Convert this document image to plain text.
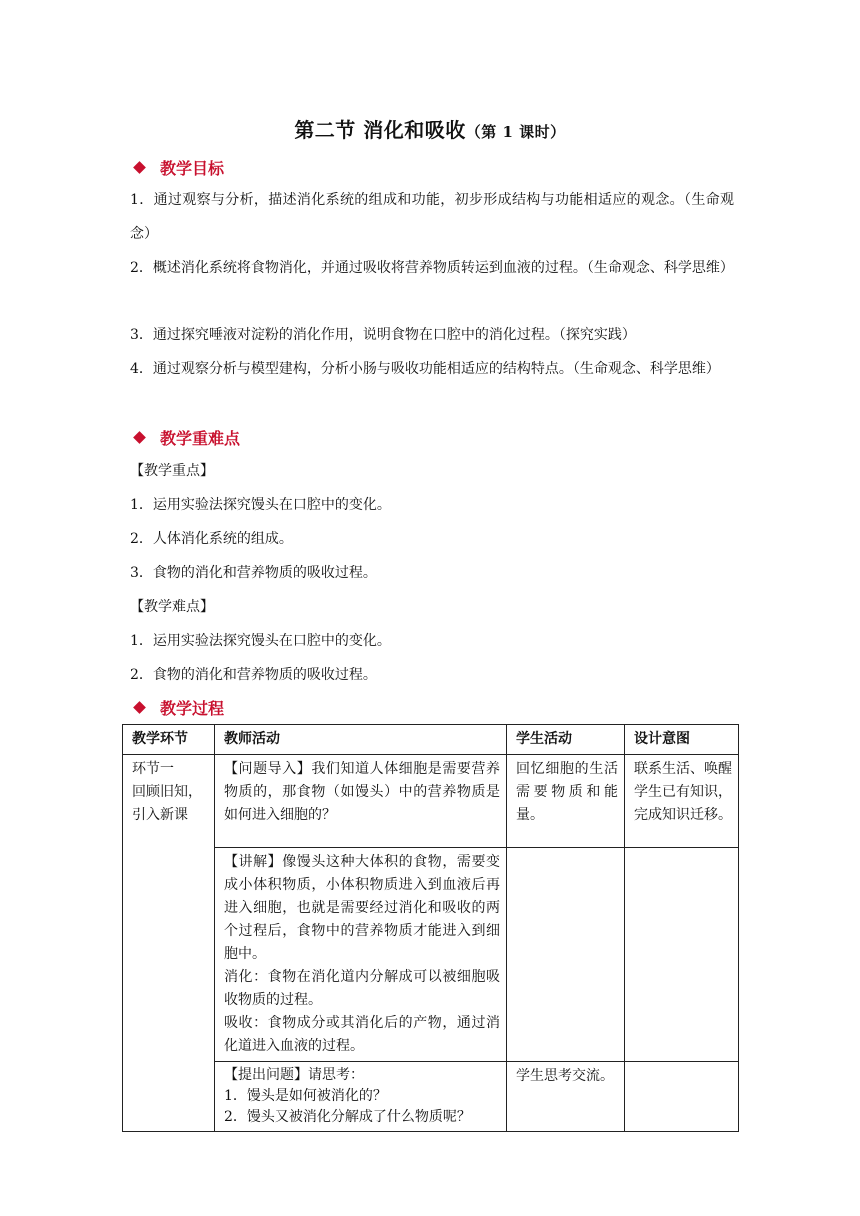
第二节 消化和吸收（第 1 课时）
教学目标
1．通过观察与分析，描述消化系统的组成和功能，初步形成结构与功能相适应的观念。（生命观念）
2．概述消化系统将食物消化，并通过吸收将营养物质转运到血液的过程。（生命观念、科学思维）
3．通过探究唾液对淀粉的消化作用，说明食物在口腔中的消化过程。（探究实践）
4．通过观察分析与模型建构，分析小肠与吸收功能相适应的结构特点。（生命观念、科学思维）
教学重难点
【教学重点】
1．运用实验法探究馒头在口腔中的变化。
2．人体消化系统的组成。
3．食物的消化和营养物质的吸收过程。
【教学难点】
1．运用实验法探究馒头在口腔中的变化。
2．食物的消化和营养物质的吸收过程。
教学过程
教学环节	教师活动	学生活动	设计意图

环节一
回顾旧知，
引入新课	【问题导入】我们知道人体细胞是需要营养物质的，那食物（如馒头）中的营养物质是如何进入细胞的？	回忆细胞的生活需要物质和能量。	联系生活、唤醒学生已有知识，完成知识迁移。

	【讲解】像馒头这种大体积的食物，需要变成小体积物质，小体积物质进入到血液后再进入细胞，也就是需要经过消化和吸收的两个过程后，食物中的营养物质才能进入到细胞中。
消化：食物在消化道内分解成可以被细胞吸收物质的过程。
吸收：食物成分或其消化后的产物，通过消化道进入血液的过程。		

	【提出问题】请思考：
1．馒头是如何被消化的？
2．馒头又被消化分解成了什么物质呢？	学生思考交流。	
